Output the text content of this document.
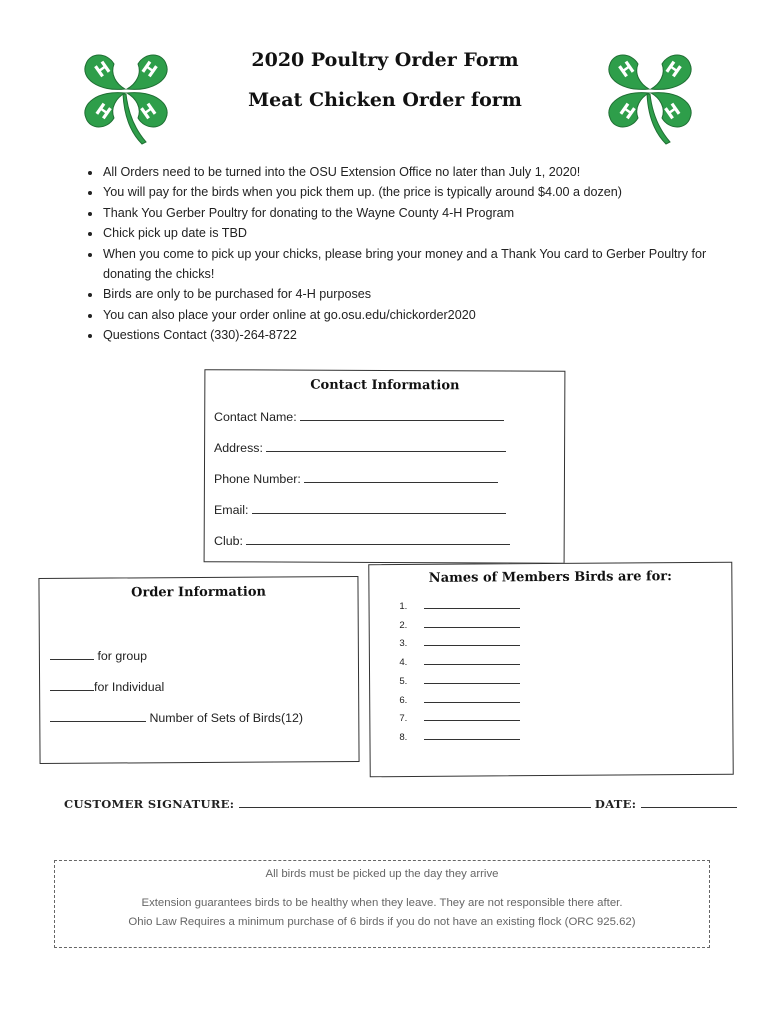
H H
H H
H H
H H
2020 Poultry Order Form
Meat Chicken Order form
• All Orders need to be turned into the OSU Extension Office no later than July 1, 2020!
• You will pay for the birds when you pick them up. (the price is typically around $4.00 a dozen)
• Thank You Gerber Poultry for donating to the Wayne County 4-H Program
• Chick pick up date is TBD
• When you come to pick up your chicks, please bring your money and a Thank You card to Gerber Poultry for donating the chicks!
• Birds are only to be purchased for 4-H purposes
• You can also place your order online at go.osu.edu/chickorder2020
• Questions Contact (330)-264-8722
Contact Information
Contact Name:
Address:
Phone Number:
Email:
Club:
Order Information
for group
for Individual
Number of Sets of Birds(12)
Names of Members Birds are for:
1.
2.
3.
4.
5.
6.
7.
8.
CUSTOMER SIGNATURE:	DATE:
All birds must be picked up the day they arrive
Extension guarantees birds to be healthy when they leave. They are not responsible there after.
Ohio Law Requires a minimum purchase of 6 birds if you do not have an existing flock (ORC 925.62)
